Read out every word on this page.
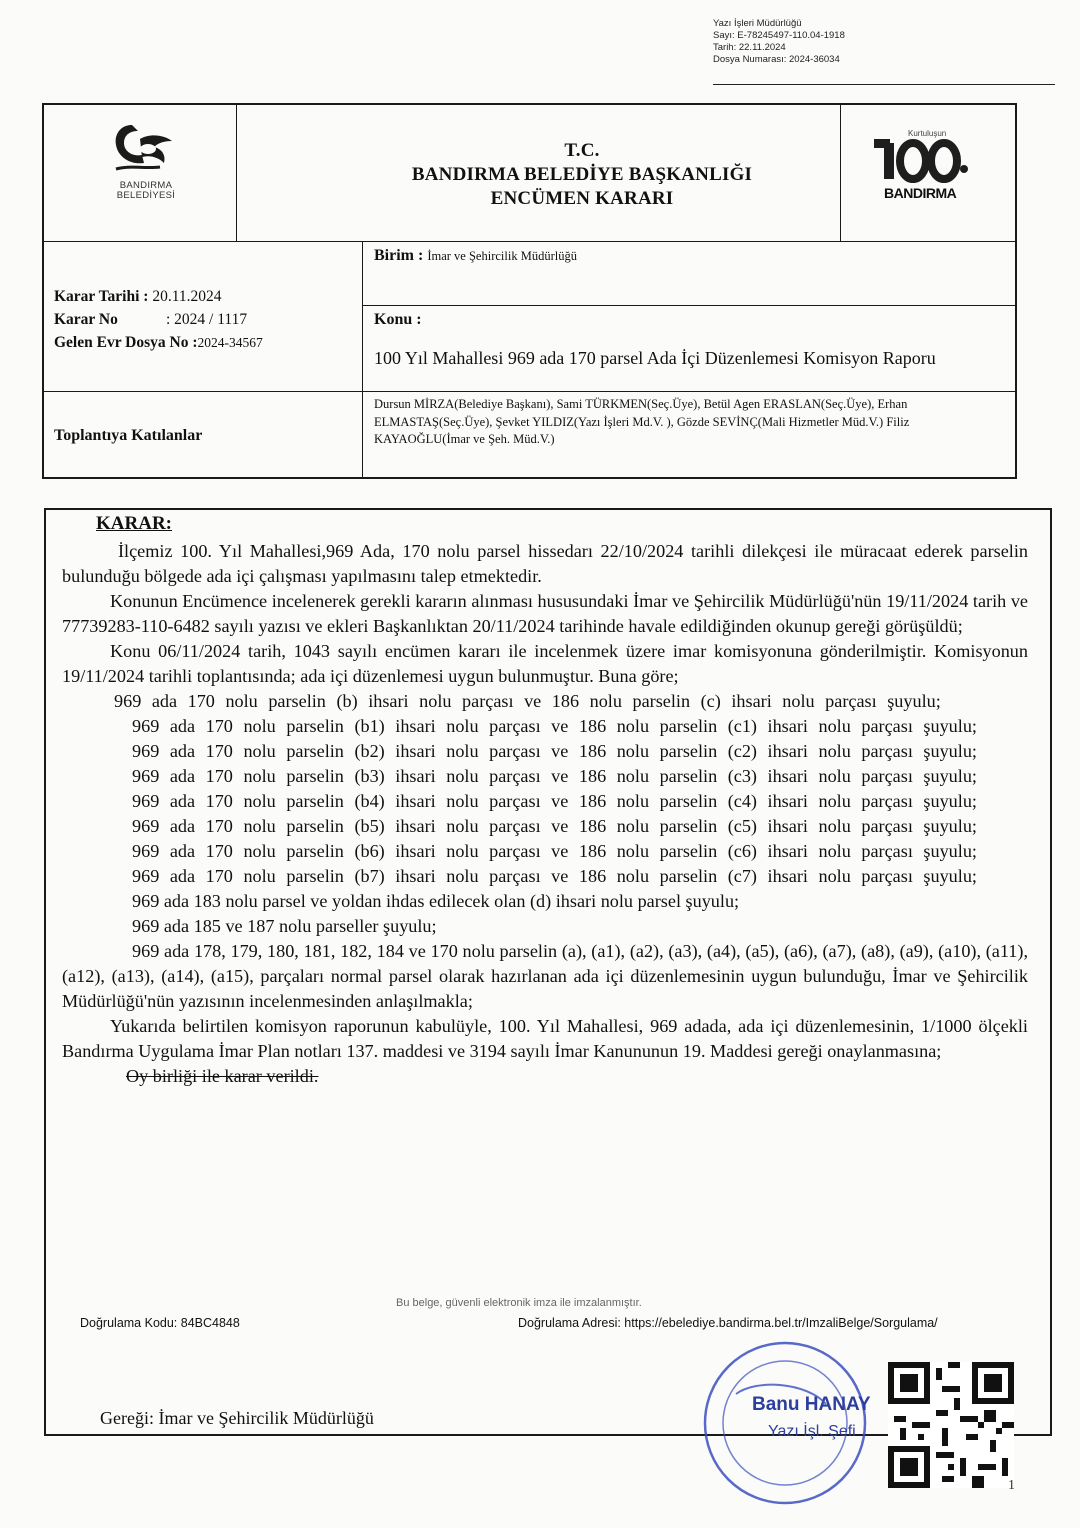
Yazı İşleri Müdürlüğü
Sayı: E-78245497-110.04-1918
Tarih: 22.11.2024
Dosya Numarası: 2024-36034
BANDIRMA
BELEDİYESİ
T.C.
BANDIRMA BELEDİYE BAŞKANLIĞI
ENCÜMEN KARARI
Kurtuluşun
BANDIRMA
Karar Tarihi : 20.11.2024
Karar No	: 2024 / 1117
Gelen Evr Dosya No :2024-34567
Birim : İmar ve Şehircilik Müdürlüğü
Konu :
100 Yıl Mahallesi 969 ada 170 parsel Ada İçi Düzenlemesi Komisyon Raporu
Toplantıya Katılanlar
Dursun MİRZA(Belediye Başkanı), Sami TÜRKMEN(Seç.Üye), Betül Agen ERASLAN(Seç.Üye), Erhan ELMASTAŞ(Seç.Üye), Şevket YILDIZ(Yazı İşleri Md.V. ), Gözde SEVİNÇ(Mali Hizmetler Müd.V.) Filiz KAYAOĞLU(İmar ve Şeh. Müd.V.)
KARAR:

İlçemiz 100. Yıl Mahallesi,969 Ada, 170 nolu parsel hissedarı 22/10/2024 tarihli dilekçesi ile müracaat ederek parselin bulunduğu bölgede ada içi çalışması yapılmasını talep etmektedir.

Konunun Encümence incelenerek gerekli kararın alınması hususundaki İmar ve Şehircilik Müdürlüğü'nün 19/11/2024 tarih ve 77739283-110-6482 sayılı yazısı ve ekleri Başkanlıktan 20/11/2024 tarihinde havale edildiğinden okunup gereği görüşüldü;

Konu 06/11/2024 tarih, 1043 sayılı encümen kararı ile incelenmek üzere imar komisyonuna gönderilmiştir. Komisyonun 19/11/2024 tarihli toplantısında; ada içi düzenlemesi uygun bulunmuştur. Buna göre;

969 ada 170 nolu parselin (b) ihsari nolu parçası ve 186 nolu parselin (c) ihsari nolu parçası şuyulu;

969 ada 170 nolu parselin (b1) ihsari nolu parçası ve 186 nolu parselin (c1) ihsari nolu parçası şuyulu;

969 ada 170 nolu parselin (b2) ihsari nolu parçası ve 186 nolu parselin (c2) ihsari nolu parçası şuyulu;

969 ada 170 nolu parselin (b3) ihsari nolu parçası ve 186 nolu parselin (c3) ihsari nolu parçası şuyulu;

969 ada 170 nolu parselin (b4) ihsari nolu parçası ve 186 nolu parselin (c4) ihsari nolu parçası şuyulu;

969 ada 170 nolu parselin (b5) ihsari nolu parçası ve 186 nolu parselin (c5) ihsari nolu parçası şuyulu;

969 ada 170 nolu parselin (b6) ihsari nolu parçası ve 186 nolu parselin (c6) ihsari nolu parçası şuyulu;

969 ada 170 nolu parselin (b7) ihsari nolu parçası ve 186 nolu parselin (c7) ihsari nolu parçası şuyulu;

969 ada 183 nolu parsel ve yoldan ihdas edilecek olan (d) ihsari nolu parsel şuyulu;

969 ada 185 ve 187 nolu parseller şuyulu;

969 ada 178, 179, 180, 181, 182, 184 ve 170 nolu parselin (a), (a1), (a2), (a3), (a4), (a5), (a6), (a7), (a8), (a9), (a10), (a11), (a12), (a13), (a14), (a15), parçaları normal parsel olarak hazırlanan ada içi düzenlemesinin uygun bulunduğu, İmar ve Şehircilik Müdürlüğü'nün yazısının incelenmesinden anlaşılmakla;

Yukarıda belirtilen komisyon raporunun kabulüyle, 100. Yıl Mahallesi, 969 adada, ada içi düzenlemesinin, 1/1000 ölçekli Bandırma Uygulama İmar Plan notları 137. maddesi ve 3194 sayılı İmar Kanununun 19. Maddesi gereği onaylanmasına;

Oy birliği ile karar verildi.

Bu belge, güvenli elektronik imza ile imzalanmıştır.
Doğrulama Kodu: 84BC4848	Doğrulama Adresi: https://ebelediye.bandirma.bel.tr/ImzaliBelge/Sorgulama/
Gereği: İmar ve Şehircilik Müdürlüğü
Banu HANAY
Yazı İşl. Şefi
1
